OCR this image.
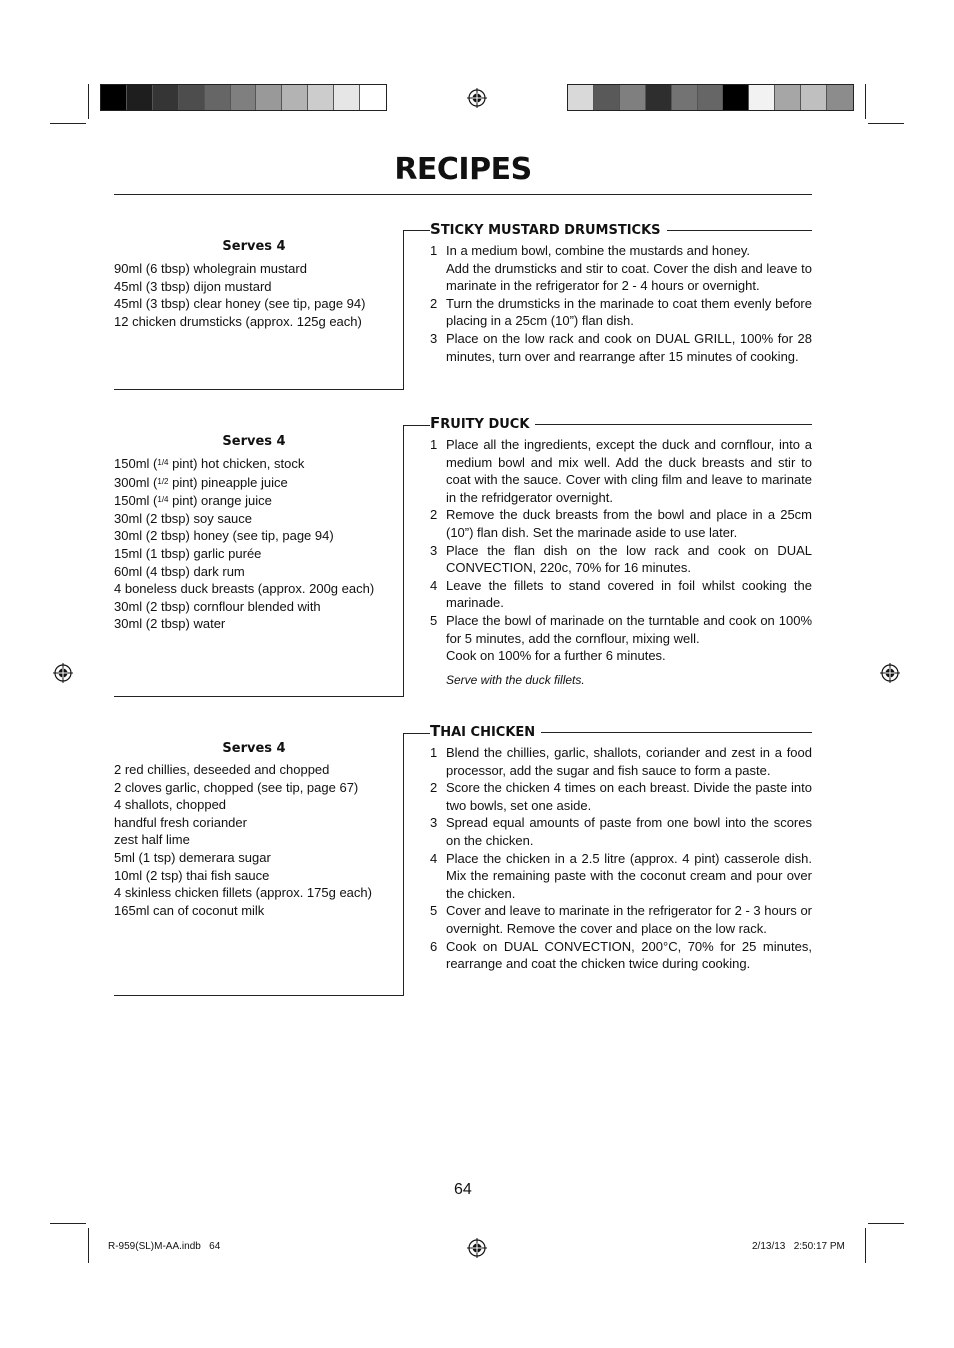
RECIPES
Serves 4
90ml (6 tbsp) wholegrain mustard
45ml (3 tbsp) dijon mustard
45ml (3 tbsp) clear honey (see tip, page 94)
12 chicken drumsticks (approx. 125g each)
STICKY MUSTARD DRUMSTICKS
1 In a medium bowl, combine the mustards and honey.
Add the drumsticks and stir to coat. Cover the dish and leave to marinate in the refrigerator for 2 - 4 hours or overnight.
2 Turn the drumsticks in the marinade to coat them evenly before placing in a 25cm (10”) flan dish.
3 Place on the low rack and cook on DUAL GRILL, 100% for 28 minutes, turn over and rearrange after 15 minutes of cooking.
Serves 4
150ml ($^{1/4}$ pint) hot chicken, stock
300ml ($^{1/2}$ pint) pineapple juice
150ml ($^{1/4}$ pint) orange juice
30ml (2 tbsp) soy sauce
30ml (2 tbsp) honey (see tip, page 94)
15ml (1 tbsp) garlic purée
60ml (4 tbsp) dark rum
4 boneless duck breasts (approx. 200g each)
30ml (2 tbsp) cornflour blended with
30ml (2 tbsp) water
FRUITY DUCK
1 Place all the ingredients, except the duck and cornflour, into a medium bowl and mix well. Add the duck breasts and stir to coat with the sauce. Cover with cling film and leave to marinate in the refridgerator overnight.
2 Remove the duck breasts from the bowl and place in a 25cm (10”) flan dish. Set the marinade aside to use later.
3 Place the flan dish on the low rack and cook on DUAL CONVECTION, 220c, 70% for 16 minutes.
4 Leave the fillets to stand covered in foil whilst cooking the marinade.
5 Place the bowl of marinade on the turntable and cook on 100% for 5 minutes, add the cornflour, mixing well.
Cook on 100% for a further 6 minutes.
Serve with the duck fillets.
Serves 4
2 red chillies, deseeded and chopped
2 cloves garlic, chopped (see tip, page 67)
4 shallots, chopped
handful fresh coriander
zest half lime
5ml (1 tsp) demerara sugar
10ml (2 tsp) thai fish sauce
4 skinless chicken fillets (approx. 175g each)
165ml can of coconut milk
THAI CHICKEN
1 Blend the chillies, garlic, shallots, coriander and zest in a food processor, add the sugar and fish sauce to form a paste.
2 Score the chicken 4 times on each breast. Divide the paste into two bowls, set one aside.
3 Spread equal amounts of paste from one bowl into the scores on the chicken.
4 Place the chicken in a 2.5 litre (approx. 4 pint) casserole dish. Mix the remaining paste with the coconut cream and pour over the chicken.
5 Cover and leave to marinate in the refrigerator for 2 - 3 hours or overnight. Remove the cover and place on the low rack.
6 Cook on DUAL CONVECTION, 200°C, 70% for 25 minutes, rearrange and coat the chicken twice during cooking.
64
R-959(SL)M-AA.indb   64	2/13/13   2:50:17 PM
